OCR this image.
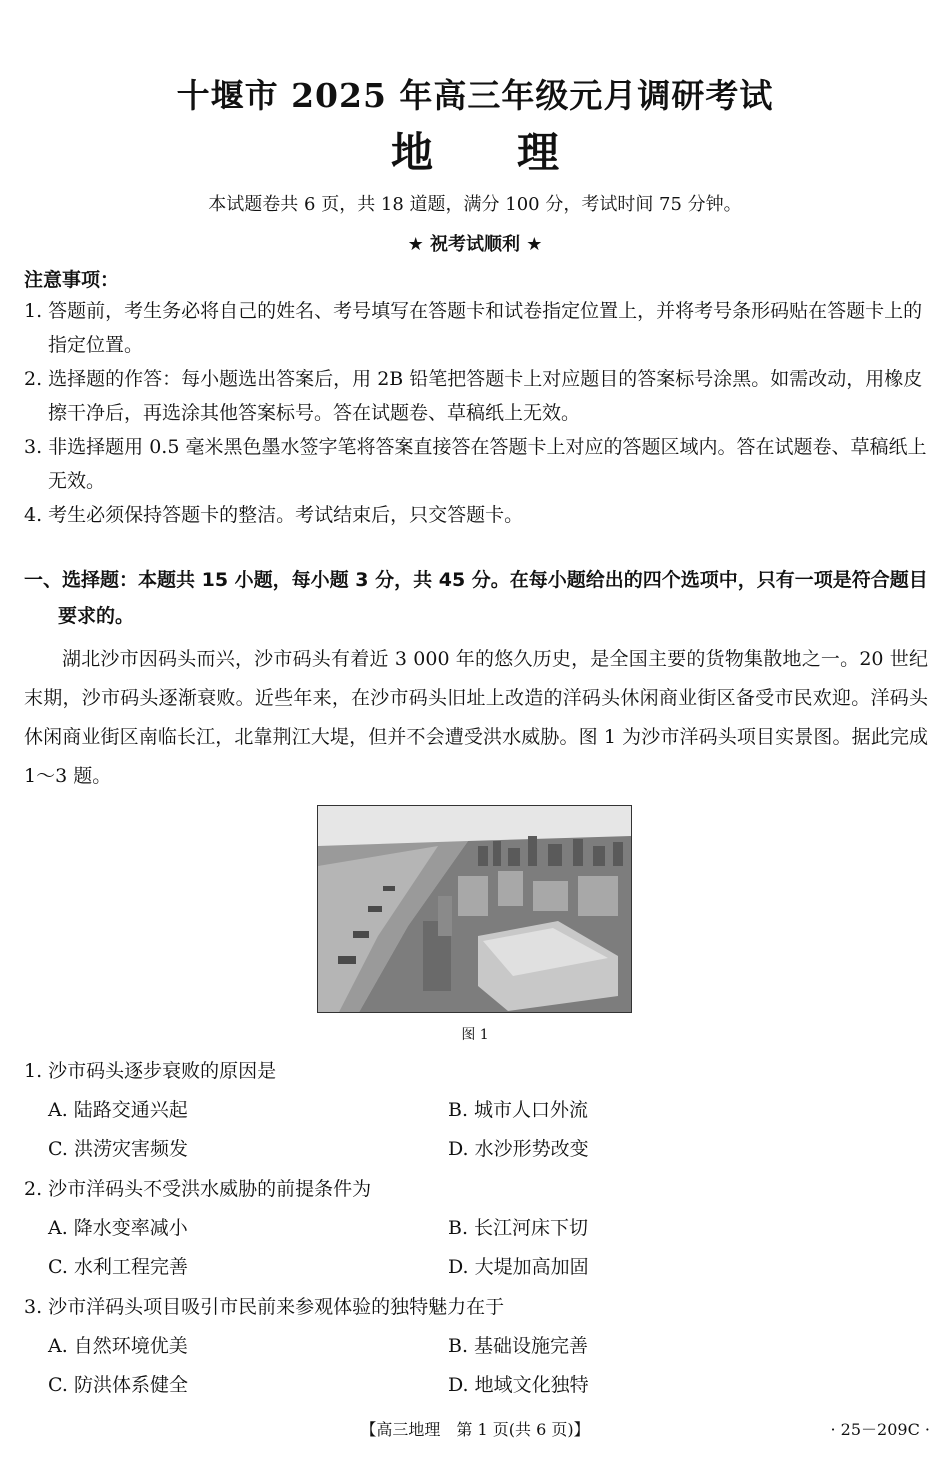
十堰市 2025 年高三年级元月调研考试
地　　理
本试题卷共 6 页，共 18 道题，满分 100 分，考试时间 75 分钟。
★ 祝考试顺利 ★
注意事项：

1. 答题前，考生务必将自己的姓名、考号填写在答题卡和试卷指定位置上，并将考号条形码贴在答题卡上的指定位置。

2. 选择题的作答：每小题选出答案后，用 2B 铅笔把答题卡上对应题目的答案标号涂黑。如需改动，用橡皮擦干净后，再选涂其他答案标号。答在试题卷、草稿纸上无效。

3. 非选择题用 0.5 毫米黑色墨水签字笔将答案直接答在答题卡上对应的答题区域内。答在试题卷、草稿纸上无效。

4. 考生必须保持答题卡的整洁。考试结束后，只交答题卡。

一、选择题：本题共 15 小题，每小题 3 分，共 45 分。在每小题给出的四个选项中，只有一项是符合题目要求的。

湖北沙市因码头而兴，沙市码头有着近 3 000 年的悠久历史，是全国主要的货物集散地之一。20 世纪末期，沙市码头逐渐衰败。近些年来，在沙市码头旧址上改造的洋码头休闲商业街区备受市民欢迎。洋码头休闲商业街区南临长江，北靠荆江大堤，但并不会遭受洪水威胁。图 1 为沙市洋码头项目实景图。据此完成 1～3 题。

图 1
1. 沙市码头逐步衰败的原因是
A. 陆路交通兴起	B. 城市人口外流
C. 洪涝灾害频发	D. 水沙形势改变
2. 沙市洋码头不受洪水威胁的前提条件为
A. 降水变率减小	B. 长江河床下切
C. 水利工程完善	D. 大堤加高加固
3. 沙市洋码头项目吸引市民前来参观体验的独特魅力在于
A. 自然环境优美	B. 基础设施完善
C. 防洪体系健全	D. 地域文化独特
【高三地理　第 1 页(共 6 页)】	· 25－209C ·
